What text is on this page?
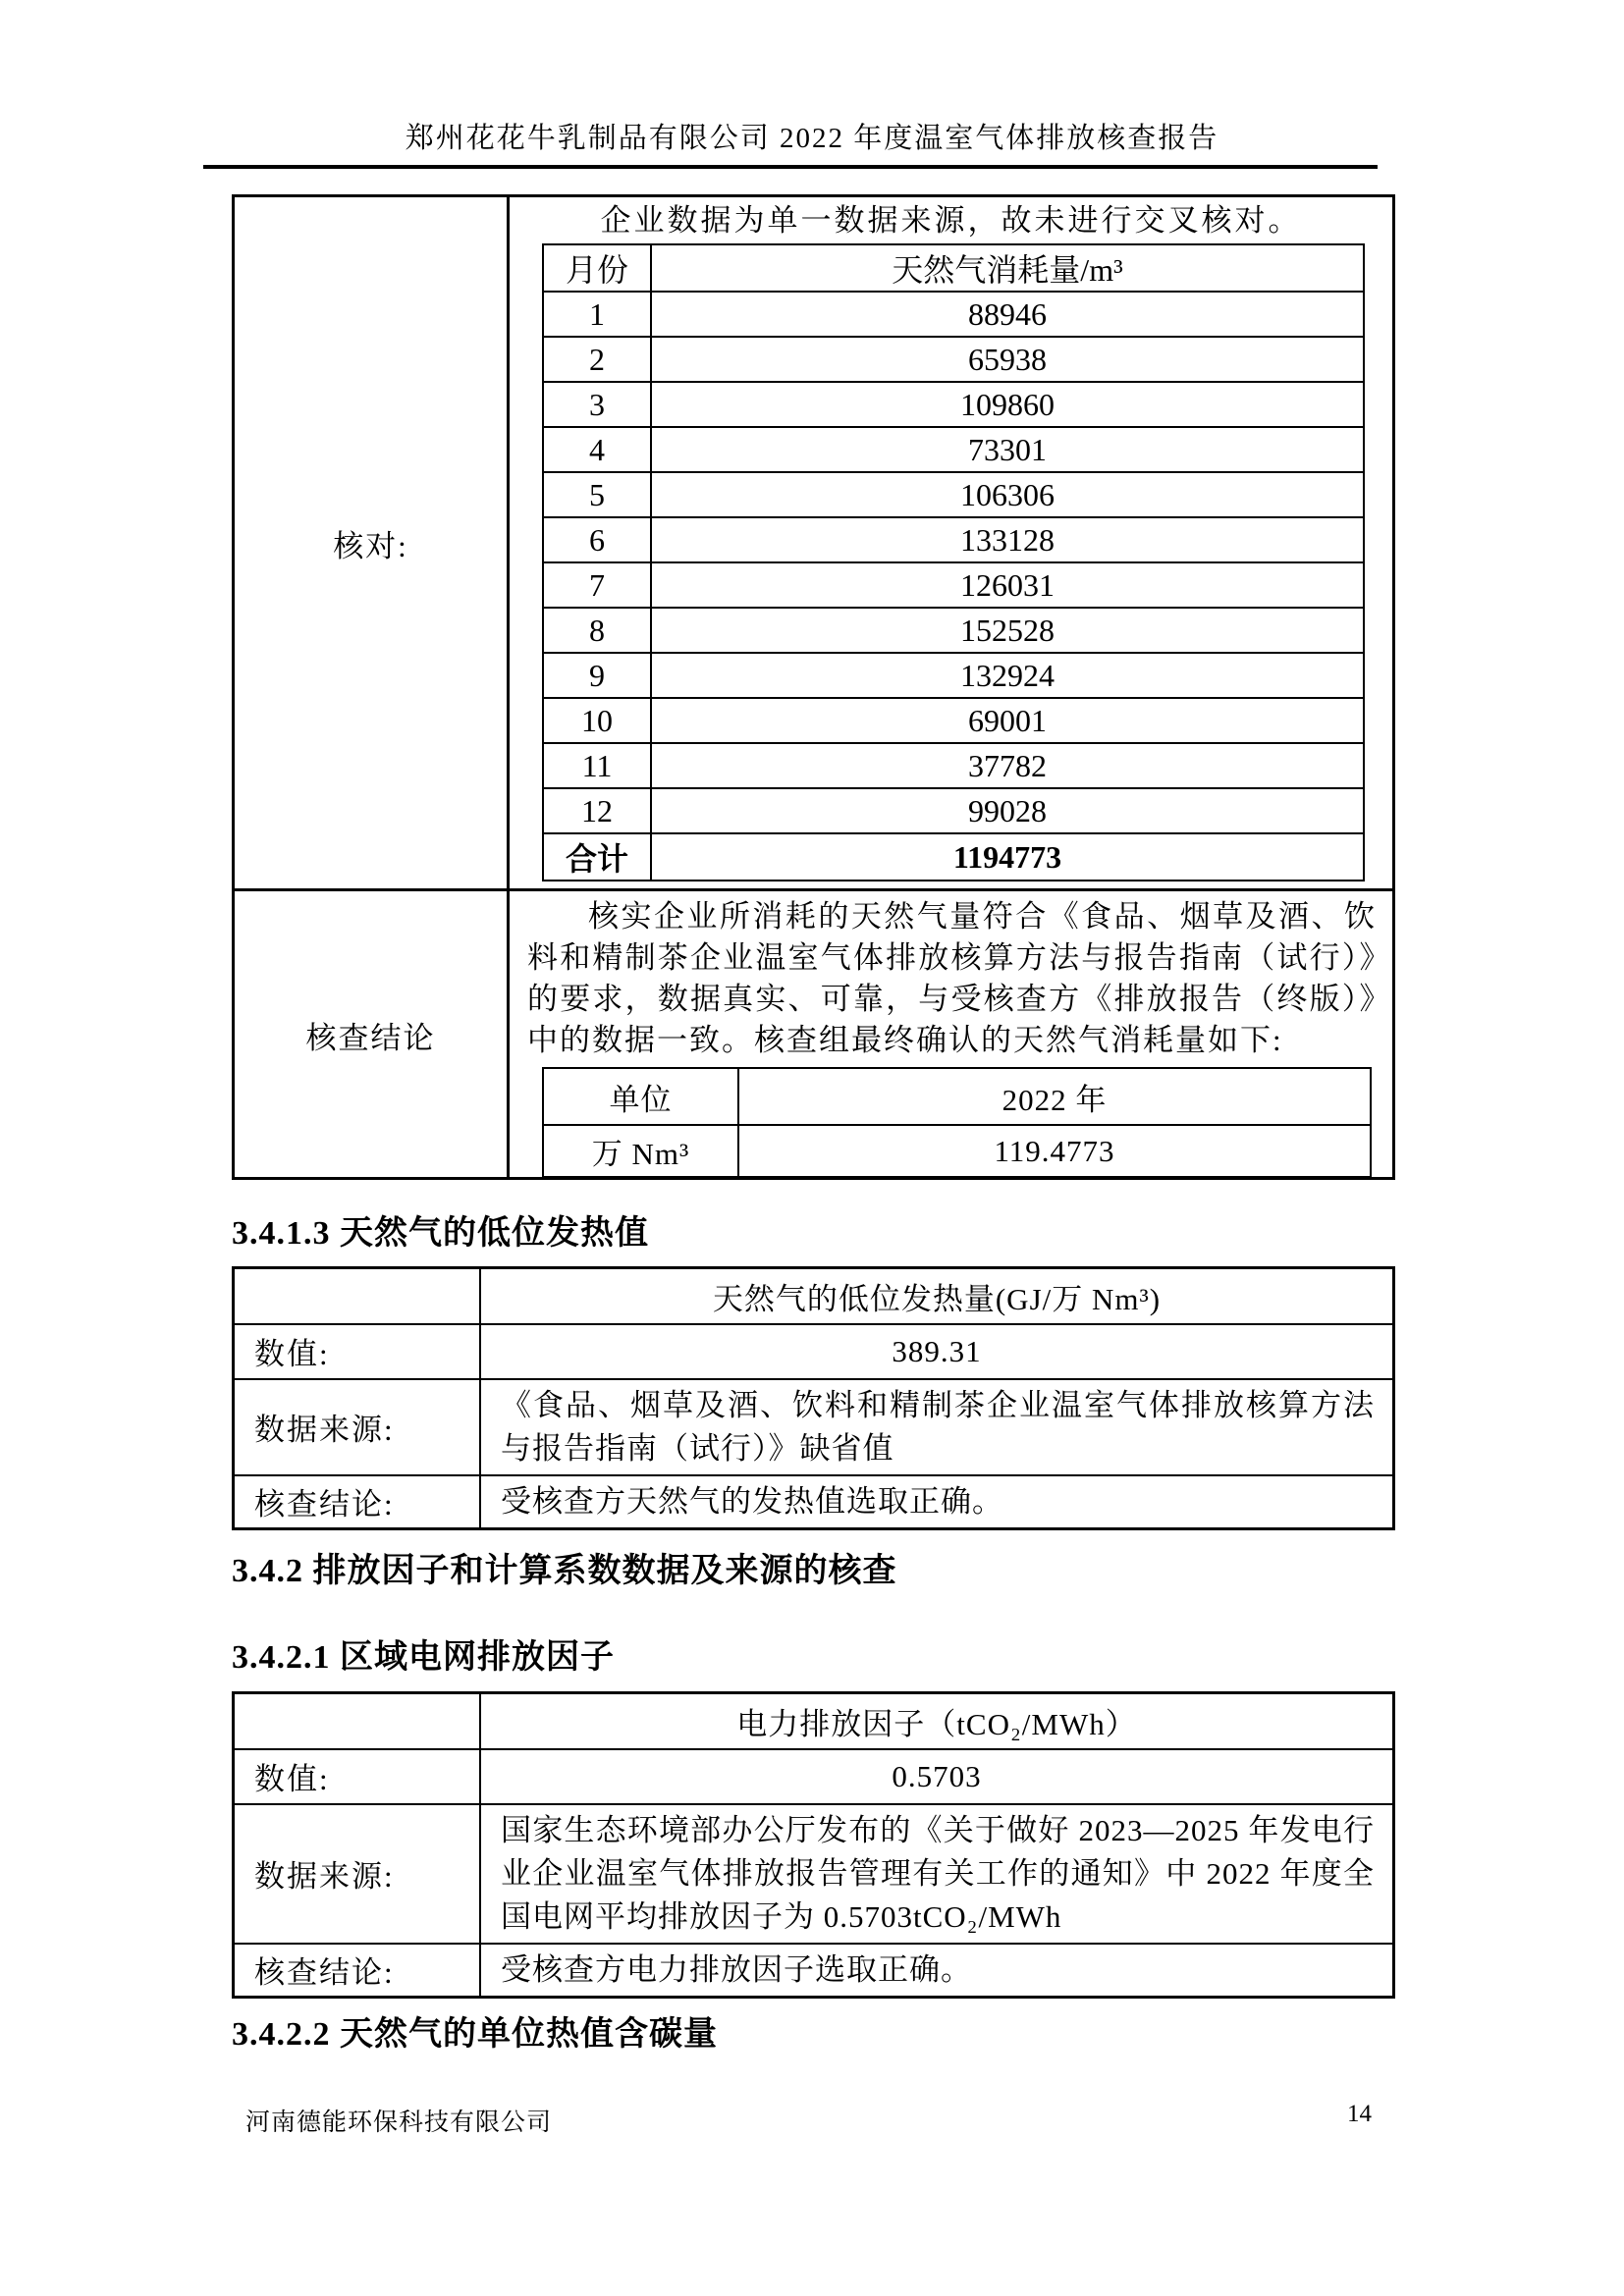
郑州花花牛乳制品有限公司 2022 年度温室气体排放核查报告
核对:
企业数据为单一数据来源，故未进行交叉核对。
月份	天然气消耗量/m³
1	88946
2	65938
3	109860
4	73301
5	106306
6	133128
7	126031
8	152528
9	132924
10	69001
11	37782
12	99028
合计	1194773
核查结论
核实企业所消耗的天然气量符合《食品、烟草及酒、饮料和精制茶企业温室气体排放核算方法与报告指南（试行）》的要求，数据真实、可靠，与受核查方《排放报告（终版）》中的数据一致。核查组最终确认的天然气消耗量如下:
单位	2022 年
万 Nm³	119.4773
3.4.1.3 天然气的低位发热值
	天然气的低位发热量(GJ/万 Nm³)
数值:	389.31
数据来源:	《食品、烟草及酒、饮料和精制茶企业温室气体排放核算方法与报告指南（试行）》缺省值
核查结论:	受核查方天然气的发热值选取正确。
3.4.2 排放因子和计算系数数据及来源的核查
3.4.2.1 区域电网排放因子
	电力排放因子（tCO₂/MWh）
数值:	0.5703
数据来源:	国家生态环境部办公厅发布的《关于做好 2023—2025 年发电行业企业温室气体排放报告管理有关工作的通知》中 2022 年度全国电网平均排放因子为 0.5703tCO₂/MWh
核查结论:	受核查方电力排放因子选取正确。
3.4.2.2 天然气的单位热值含碳量
河南德能环保科技有限公司	14
